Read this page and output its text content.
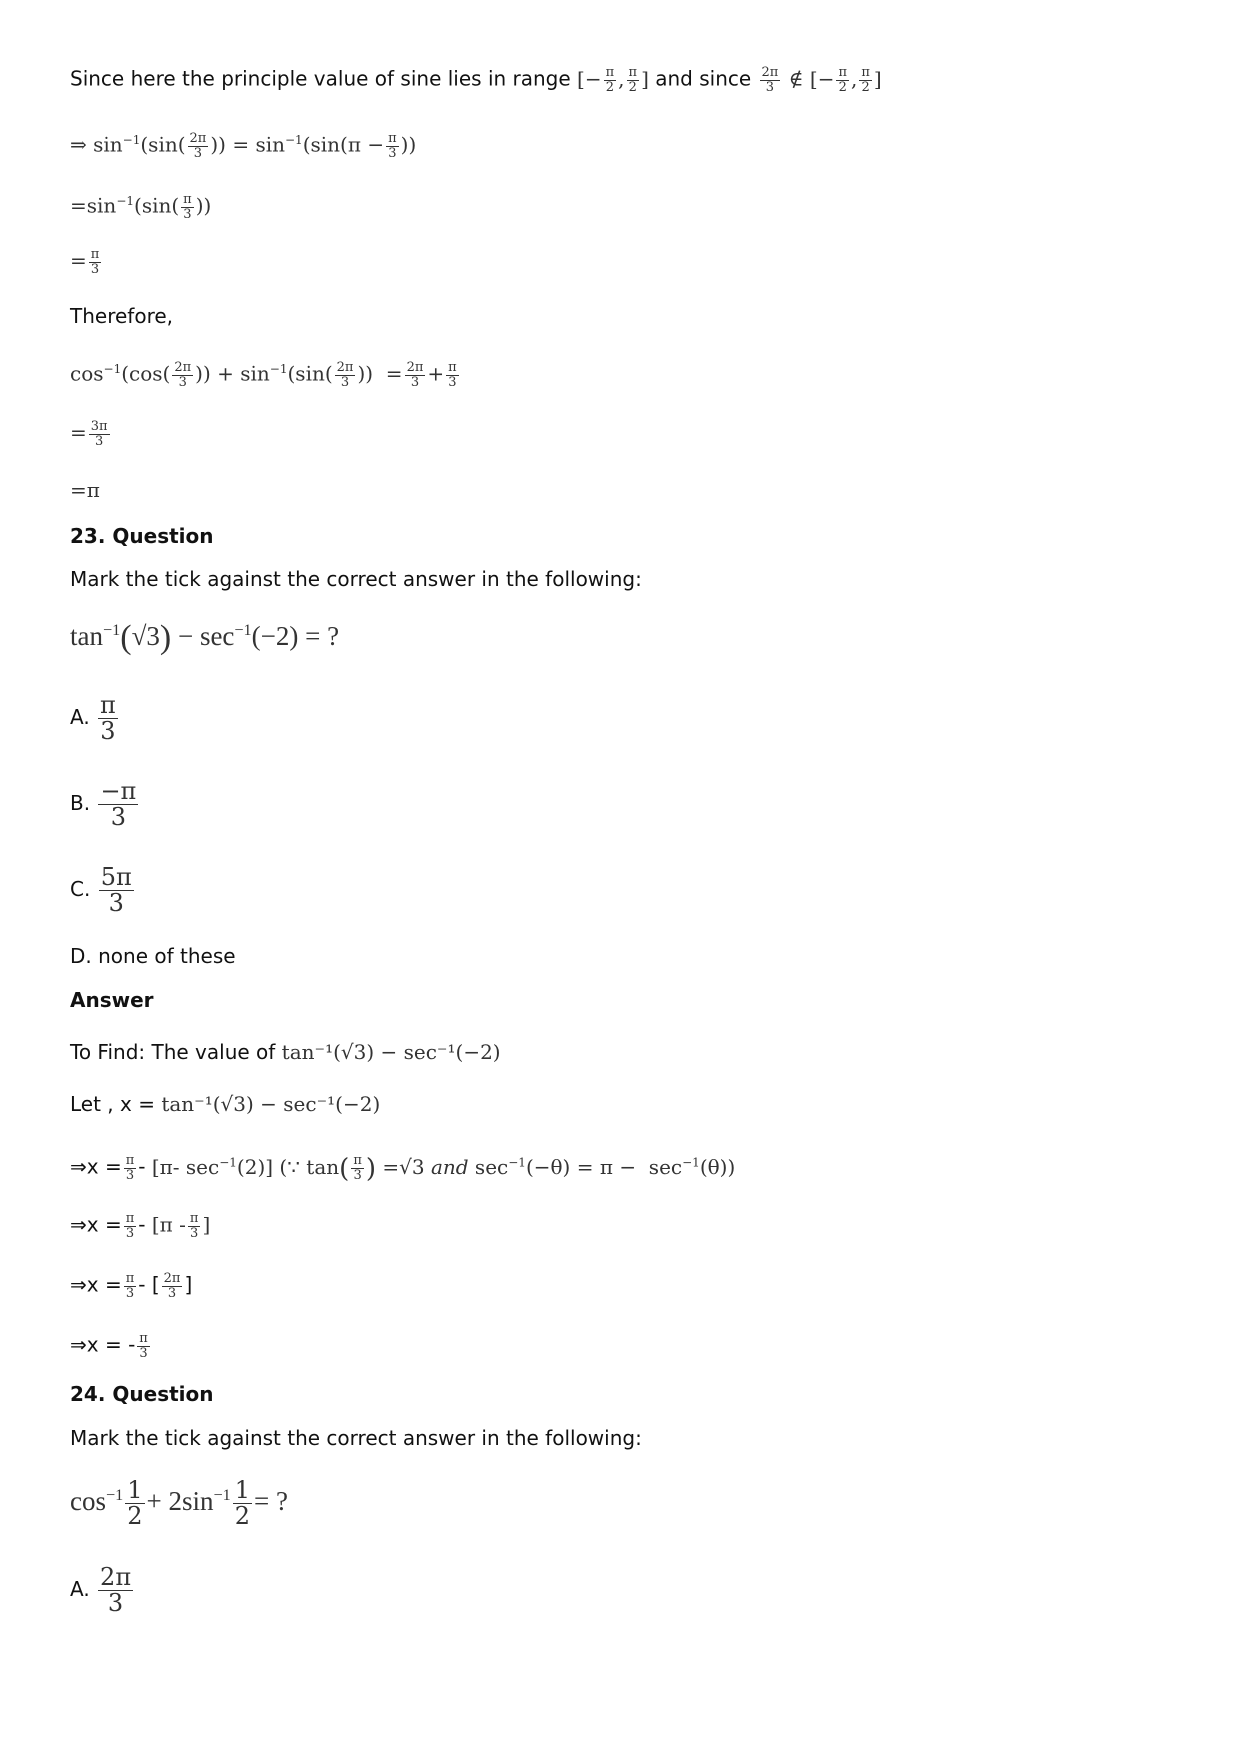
Since here the principle value of sine lies in range [− $\frac{\pi}{2}$ , $\frac{\pi}{2}$ ] and since $\frac{2\pi}{3}$ ∉ [− $\frac{\pi}{2}$ , $\frac{\pi}{2}$ ]
⇒ $\sin^{-1}(\sin( \frac{2\pi}{3}$ )) = $\sin^{-1}(\sin(\pi - \frac{\pi}{3}$ ))
$=\sin^{-1}(\sin( \frac{\pi}{3}$ ))
= $\frac{\pi}{3}$
Therefore,
$\cos^{-1}(\cos( \frac{2\pi}{3}$ )) + $\sin^{-1}(\sin( \frac{2\pi}{3}$ ))  = $\frac{2\pi}{3} + \frac{\pi}{3}$
= $\frac{3\pi}{3}$
=π
23. Question
Mark the tick against the correct answer in the following:
$\tan^{-1}(√3) - \sec^{-1}(-2)$ = ?
A. $\frac{\pi}{3}$
B. $\frac{-\pi}{3}$
C. $\frac{5\pi}{3}$
D. none of these
Answer
To Find: The value of tan⁻¹(√3) − sec⁻¹(−2)
Let , x = tan⁻¹(√3) − sec⁻¹(−2)
⇒x = $\frac{\pi}{3} - [\pi-$ $\sec^{-1}(2)$] (∵ $\tan( \frac{\pi}{3}$ ) =√3 and $\sec^{-1}(-\theta) = \pi - \sec^{-1}(\theta)$)
⇒x = $\frac{\pi}{3} - [\pi - \frac{\pi}{3}$ ]
⇒x = $\frac{\pi}{3}$ - [ $\frac{2\pi}{3}$ ]
⇒x = - $\frac{\pi}{3}$
24. Question
Mark the tick against the correct answer in the following:
$\cos^{-1} \frac{1}{2} + 2\sin^{-1} \frac{1}{2}$ = ?
A. $\frac{2\pi}{3}$
